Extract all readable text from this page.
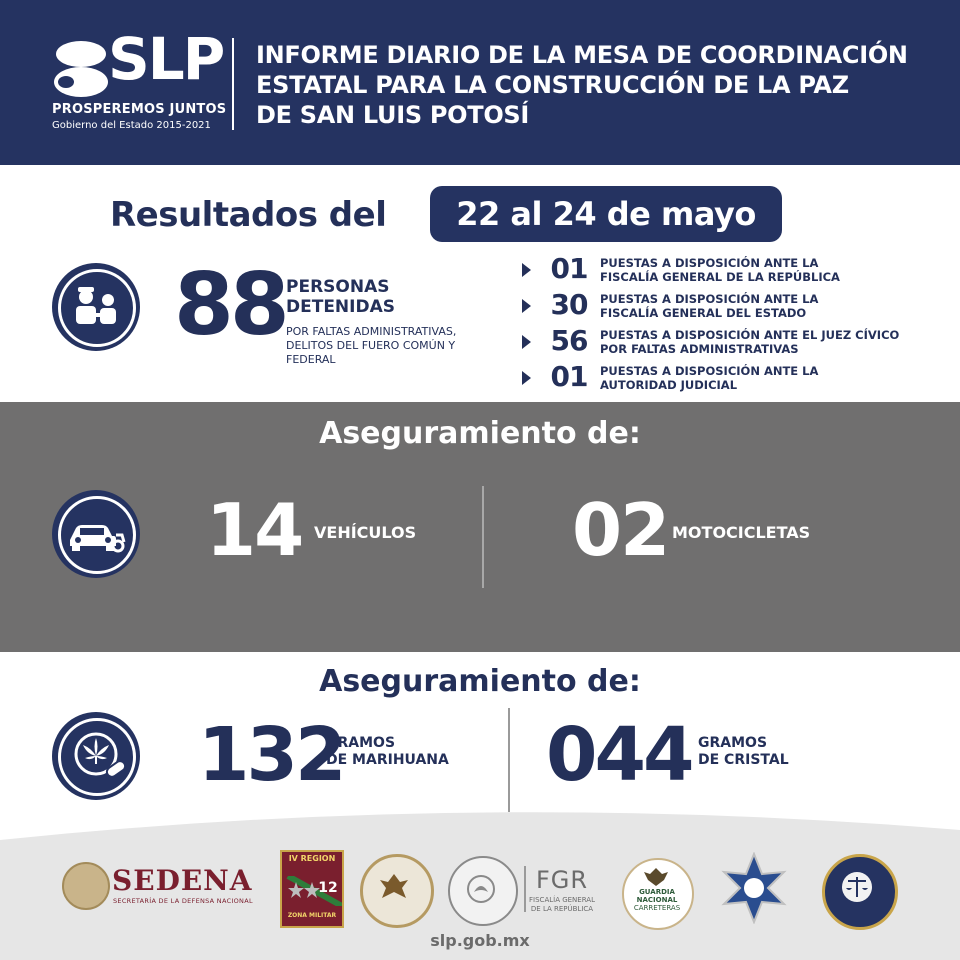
SLP
PROSPEREMOS JUNTOS
Gobierno del Estado 2015-2021
INFORME DIARIO DE LA MESA DE COORDINACIÓN
ESTATAL PARA LA CONSTRUCCIÓN DE LA PAZ
DE SAN LUIS POTOSÍ
Resultados del	22 al 24 de mayo
88 PERSONAS
DETENIDAS
POR FALTAS ADMINISTRATIVAS,
DELITOS DEL FUERO COMÚN Y
FEDERAL
01	PUESTAS A DISPOSICIÓN ANTE LA
FISCALÍA GENERAL DE LA REPÚBLICA
30	PUESTAS A DISPOSICIÓN ANTE LA
FISCALÍA GENERAL DEL ESTADO
56	PUESTAS A DISPOSICIÓN ANTE EL JUEZ CÍVICO
POR FALTAS ADMINISTRATIVAS
01	PUESTAS A DISPOSICIÓN ANTE LA
AUTORIDAD JUDICIAL
Aseguramiento de:
14 VEHÍCULOS 02 MOTOCICLETAS
Aseguramiento de:
132
GRAMOS
DE MARIHUANA 044 GRAMOS
DE CRISTAL
SEDENA
SECRETARÍA DE LA DEFENSA NACIONAL
IV REGION
12
ZONA MILITAR
FGR
FISCALÍA GENERAL
DE LA REPÚBLICA
GUARDIA
NACIONAL
CARRETERAS
slp.gob.mx
